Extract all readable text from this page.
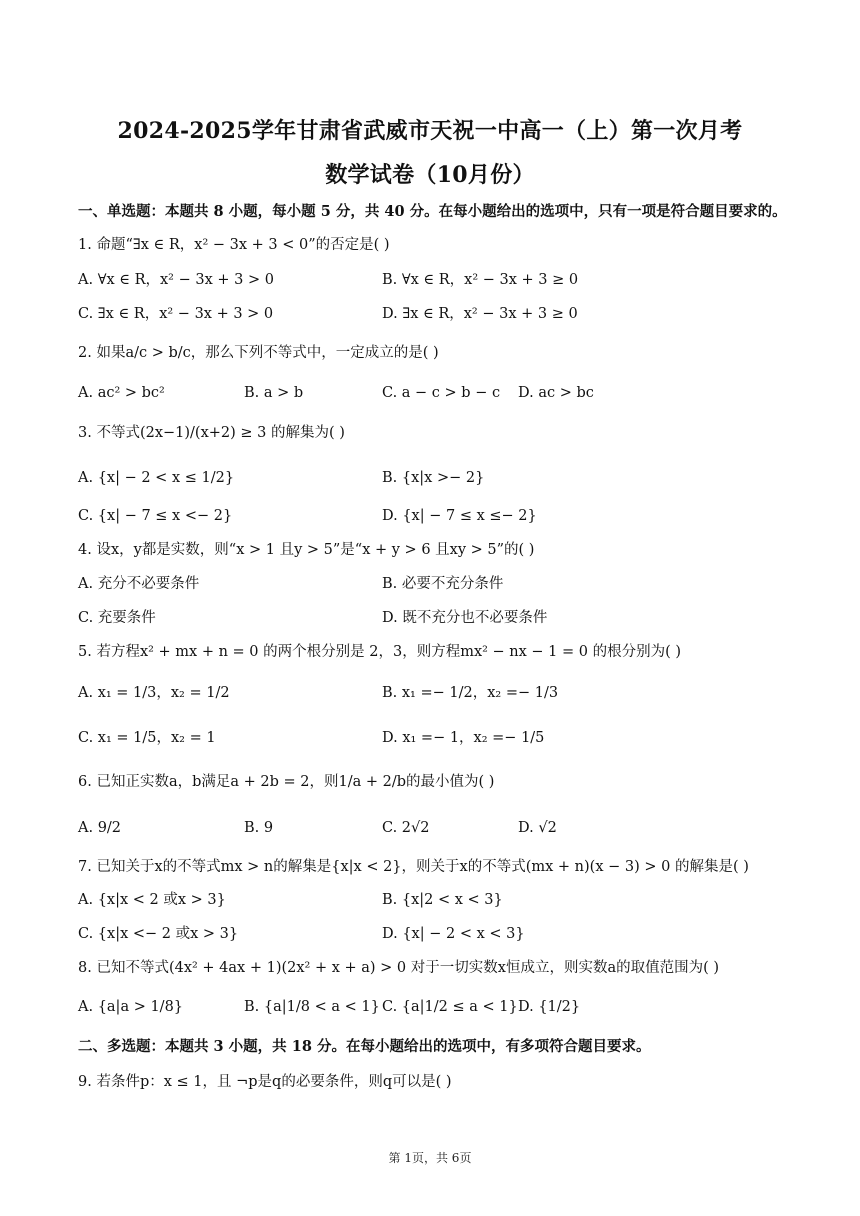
2024-2025学年甘肃省武威市天祝一中高一（上）第一次月考
数学试卷（10月份）
一、单选题：本题共 8 小题，每小题 5 分，共 40 分。在每小题给出的选项中，只有一项是符合题目要求的。
1. 命题“∃x ∈ R，x² − 3x + 3 < 0”的否定是( )
A. ∀x ∈ R，x² − 3x + 3 > 0	B. ∀x ∈ R，x² − 3x + 3 ≥ 0
C. ∃x ∈ R，x² − 3x + 3 > 0	D. ∃x ∈ R，x² − 3x + 3 ≥ 0
2. 如果a/c > b/c，那么下列不等式中，一定成立的是( )
A. ac² > bc²	B. a > b	C. a − c > b − c D. ac > bc
3. 不等式(2x−1)/(x+2) ≥ 3 的解集为( )
A. {x| − 2 < x ≤ 1/2}	B. {x|x >− 2}
C. {x| − 7 ≤ x <− 2}	D. {x| − 7 ≤ x ≤− 2}
4. 设x，y都是实数，则“x > 1 且y > 5”是“x + y > 6 且xy > 5”的( )
A. 充分不必要条件	B. 必要不充分条件
C. 充要条件	D. 既不充分也不必要条件
5. 若方程x² + mx + n = 0 的两个根分别是 2，3，则方程mx² − nx − 1 = 0 的根分别为( )
A. x₁ = 1/3，x₂ = 1/2	B. x₁ =− 1/2，x₂ =− 1/3
C. x₁ = 1/5，x₂ = 1	D. x₁ =− 1，x₂ =− 1/5
6. 已知正实数a，b满足a + 2b = 2，则1/a + 2/b的最小值为( )
A. 9/2	B. 9	C. 2√2	D. √2
7. 已知关于x的不等式mx > n的解集是{x|x < 2}，则关于x的不等式(mx + n)(x − 3) > 0 的解集是( )
A. {x|x < 2 或x > 3}	B. {x|2 < x < 3}
C. {x|x <− 2 或x > 3}	D. {x| − 2 < x < 3}
8. 已知不等式(4x² + 4ax + 1)(2x² + x + a) > 0 对于一切实数x恒成立，则实数a的取值范围为( )
A. {a|a > 1/8}	B. {a|1/8 < a < 1} C. {a|1/2 ≤ a < 1} D. {1/2}
二、多选题：本题共 3 小题，共 18 分。在每小题给出的选项中，有多项符合题目要求。
9. 若条件p：x ≤ 1，且 ¬p是q的必要条件，则q可以是( )
第 1页，共 6页
